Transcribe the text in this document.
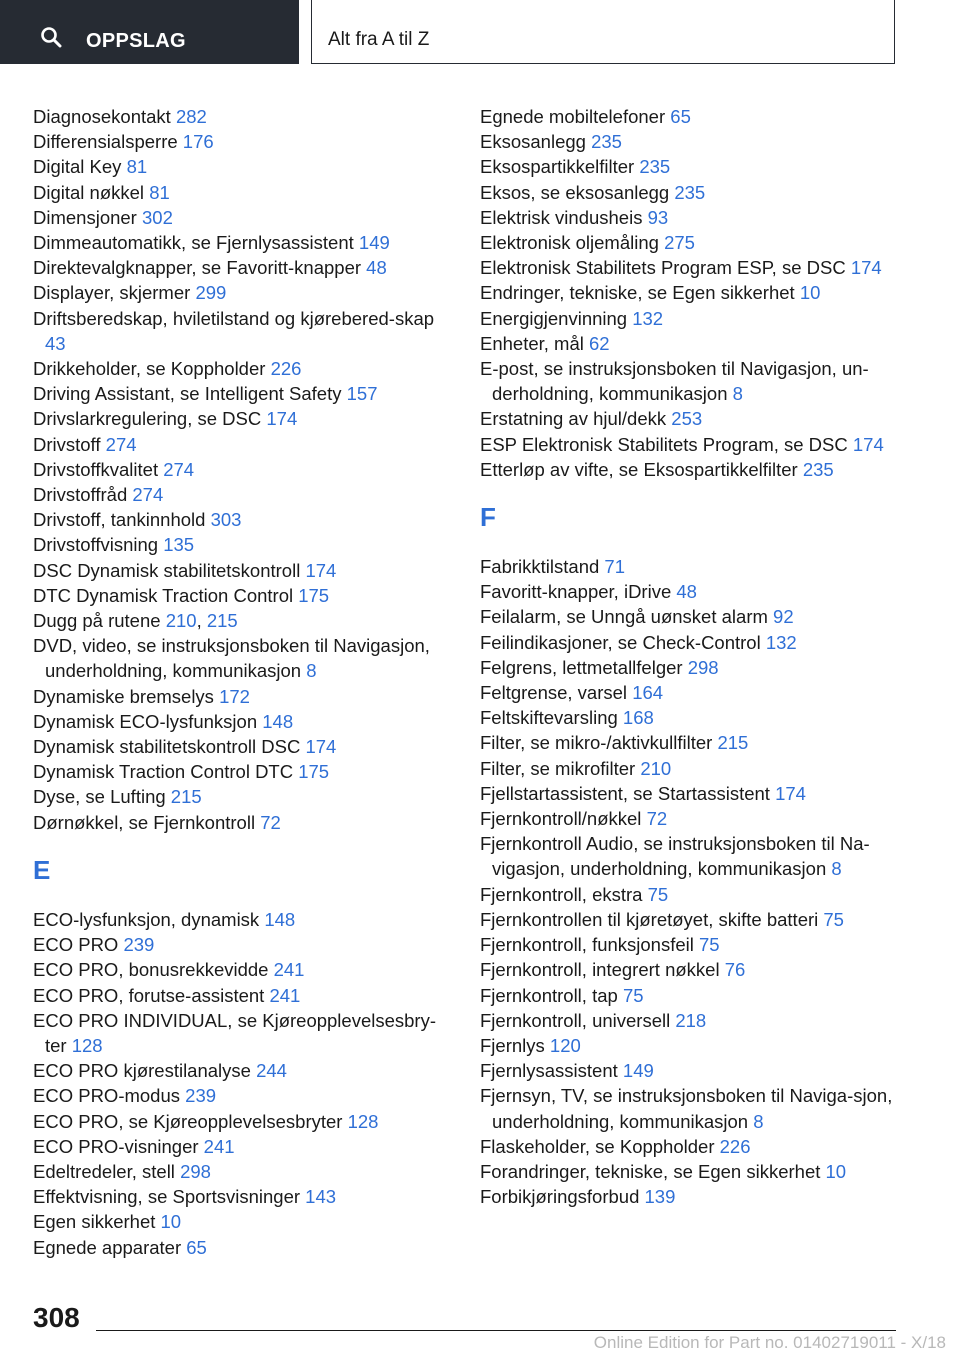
OPPSLAG	Alt fra A til Z

Diagnosekontakt 282

Differensialsperre 176

Digital Key 81

Digital nøkkel 81

Dimensjoner 302

Dimmeautomatikk, se Fjernlysassistent 149

Direktevalgknapper, se Favoritt-knapper 48

Displayer, skjermer 299

Driftsberedskap, hviletilstand og kjørebered-skap 43

Drikkeholder, se Koppholder 226

Driving Assistant, se Intelligent Safety 157

Drivslarkregulering, se DSC 174

Drivstoff 274

Drivstoffkvalitet 274

Drivstoffråd 274

Drivstoff, tankinnhold 303

Drivstoffvisning 135

DSC Dynamisk stabilitetskontroll 174

DTC Dynamisk Traction Control 175

Dugg på rutene 210, 215

DVD, video, se instruksjonsboken til Navigasjon, underholdning, kommunikasjon 8

Dynamiske bremselys 172

Dynamisk ECO-lysfunksjon 148

Dynamisk stabilitetskontroll DSC 174

Dynamisk Traction Control DTC 175

Dyse, se Lufting 215

Dørnøkkel, se Fjernkontroll 72

E

ECO-lysfunksjon, dynamisk 148

ECO PRO 239

ECO PRO, bonusrekkevidde 241

ECO PRO, forutse-assistent 241

ECO PRO INDIVIDUAL, se Kjøreopplevelsesbry-ter 128

ECO PRO kjørestilanalyse 244

ECO PRO-modus 239

ECO PRO, se Kjøreopplevelsesbryter 128

ECO PRO-visninger 241

Edeltredeler, stell 298

Effektvisning, se Sportsvisninger 143

Egen sikkerhet 10

Egnede apparater 65

Egnede mobiltelefoner 65

Eksosanlegg 235

Eksospartikkelfilter 235

Eksos, se eksosanlegg 235

Elektrisk vindusheis 93

Elektronisk oljemåling 275

Elektronisk Stabilitets Program ESP, se DSC 174

Endringer, tekniske, se Egen sikkerhet 10

Energigjenvinning 132

Enheter, mål 62

E-post, se instruksjonsboken til Navigasjon, un-derholdning, kommunikasjon 8

Erstatning av hjul/dekk 253

ESP Elektronisk Stabilitets Program, se DSC 174

Etterløp av vifte, se Eksospartikkelfilter 235

F

Fabrikktilstand 71

Favoritt-knapper, iDrive 48

Feilalarm, se Unngå uønsket alarm 92

Feilindikasjoner, se Check-Control 132

Felgrens, lettmetallfelger 298

Feltgrense, varsel 164

Feltskiftevarsling 168

Filter, se mikro-/aktivkullfilter 215

Filter, se mikrofilter 210

Fjellstartassistent, se Startassistent 174

Fjernkontroll/nøkkel 72

Fjernkontroll Audio, se instruksjonsboken til Na-vigasjon, underholdning, kommunikasjon 8

Fjernkontroll, ekstra 75

Fjernkontrollen til kjøretøyet, skifte batteri 75

Fjernkontroll, funksjonsfeil 75

Fjernkontroll, integrert nøkkel 76

Fjernkontroll, tap 75

Fjernkontroll, universell 218

Fjernlys 120

Fjernlysassistent 149

Fjernsyn, TV, se instruksjonsboken til Naviga-sjon, underholdning, kommunikasjon 8

Flaskeholder, se Koppholder 226

Forandringer, tekniske, se Egen sikkerhet 10

Forbikjøringsforbud 139

308
Online Edition for Part no. 01402719011 - X/18
